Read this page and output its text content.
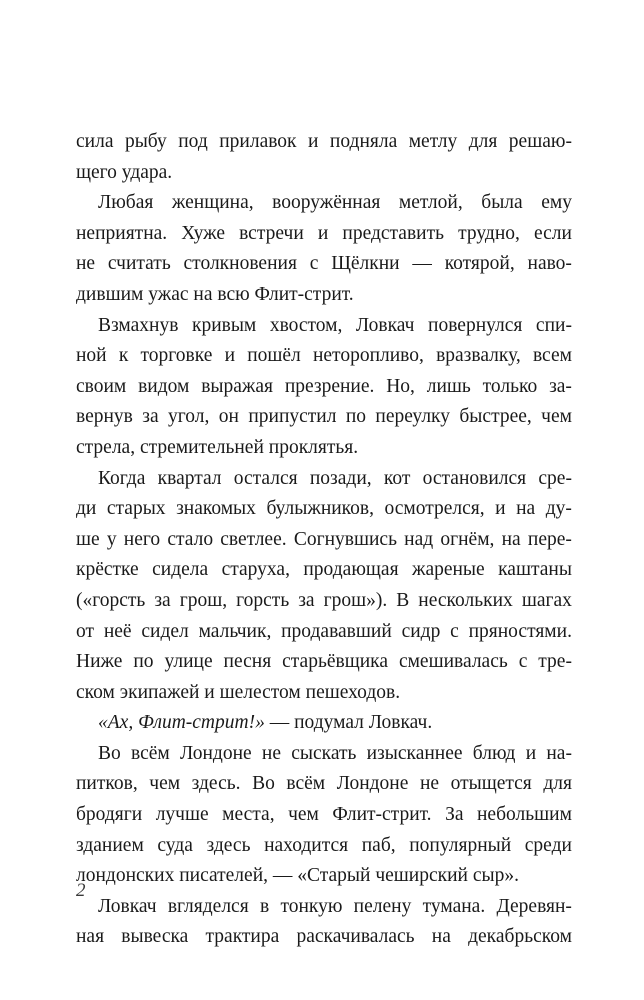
сила рыбу под прилавок и подняла метлу для решаю-
щего удара.
Любая женщина, вооружённая метлой, была ему
неприятна. Хуже встречи и представить трудно, если
не считать столкновения с Щёлкни — котярой, наво-
дившим ужас на всю Флит-стрит.
Взмахнув кривым хвостом, Ловкач повернулся спи-
ной к торговке и пошёл неторопливо, вразвалку, всем
своим видом выражая презрение. Но, лишь только за-
вернув за угол, он припустил по переулку быстрее, чем
стрела, стремительней проклятья.
Когда квартал остался позади, кот остановился сре-
ди старых знакомых булыжников, осмотрелся, и на ду-
ше у него стало светлее. Согнувшись над огнём, на пере-
крёстке сидела старуха, продающая жареные каштаны
(«горсть за грош, горсть за грош»). В нескольких шагах
от неё сидел мальчик, продававший сидр с пряностями.
Ниже по улице песня старьёвщика смешивалась с тре-
ском экипажей и шелестом пешеходов.
«Ах, Флит-стрит!» — подумал Ловкач.
Во всём Лондоне не сыскать изысканнее блюд и на-
питков, чем здесь. Во всём Лондоне не отыщется для
бродяги лучше места, чем Флит-стрит. За небольшим
зданием суда здесь находится паб, популярный среди
лондонских писателей, — «Старый чеширский сыр».
Ловкач вгляделся в тонкую пелену тумана. Деревян-
ная вывеска трактира раскачивалась на декабрьском
2
